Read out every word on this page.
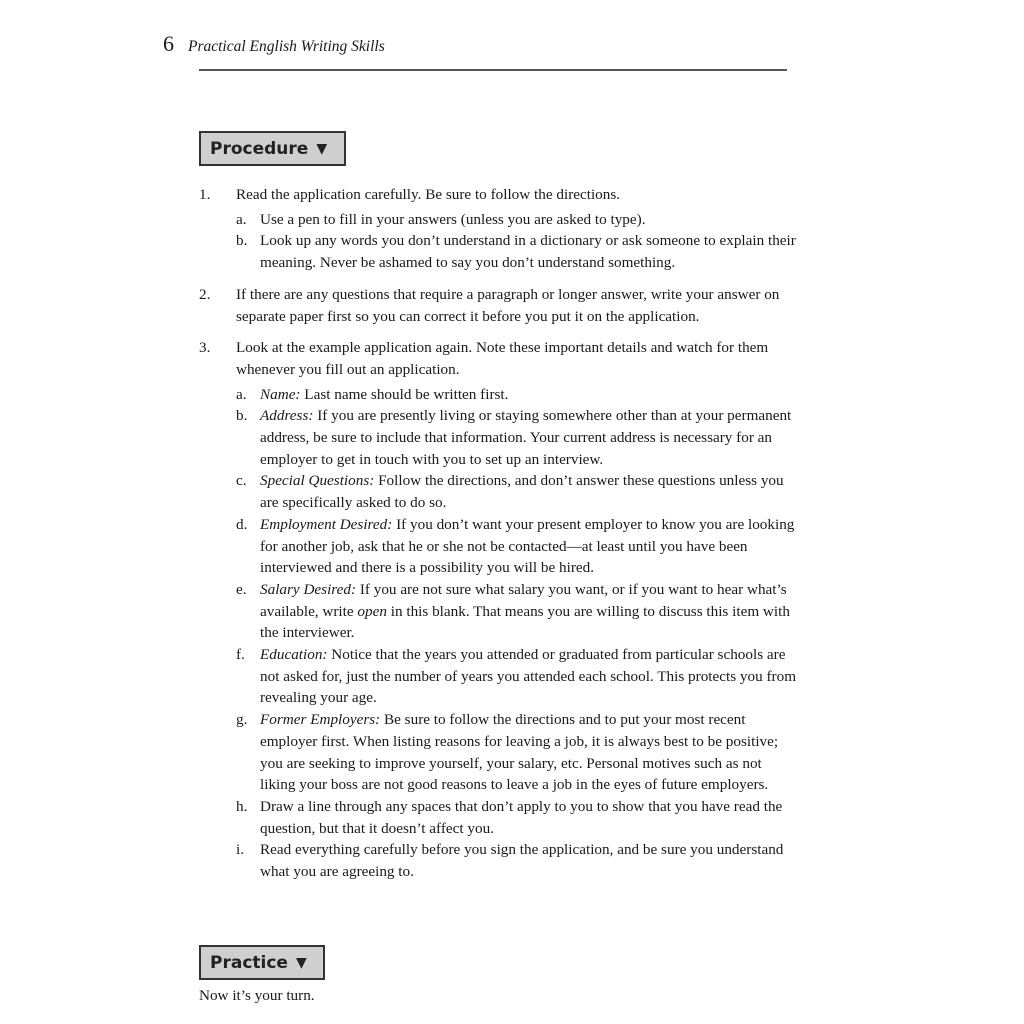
6 Practical English Writing Skills
Procedure ▼
1.	Read the application carefully. Be sure to follow the directions.
a. Use a pen to fill in your answers (unless you are asked to type).
b. Look up any words you don’t understand in a dictionary or ask someone to explain their meaning. Never be ashamed to say you don’t understand something.
2.	If there are any questions that require a paragraph or longer answer, write your answer on separate paper first so you can correct it before you put it on the application.
3.	Look at the example application again. Note these important details and watch for them whenever you fill out an application.
a. Name: Last name should be written first.
b. Address: If you are presently living or staying somewhere other than at your permanent address, be sure to include that information. Your current address is necessary for an employer to get in touch with you to set up an interview.
c. Special Questions: Follow the directions, and don’t answer these questions unless you are specifically asked to do so.
d. Employment Desired: If you don’t want your present employer to know you are looking for another job, ask that he or she not be contacted—at least until you have been interviewed and there is a possibility you will be hired.
e. Salary Desired: If you are not sure what salary you want, or if you want to hear what’s available, write open in this blank. That means you are willing to discuss this item with the interviewer.
f. Education: Notice that the years you attended or graduated from particular schools are not asked for, just the number of years you attended each school. This protects you from revealing your age.
g. Former Employers: Be sure to follow the directions and to put your most recent employer first. When listing reasons for leaving a job, it is always best to be positive; you are seeking to improve yourself, your salary, etc. Personal motives such as not liking your boss are not good reasons to leave a job in the eyes of future employers.
h. Draw a line through any spaces that don’t apply to you to show that you have read the question, but that it doesn’t affect you.
i.	Read everything carefully before you sign the application, and be sure you understand what you are agreeing to.
Practice ▼
Now it’s your turn.
